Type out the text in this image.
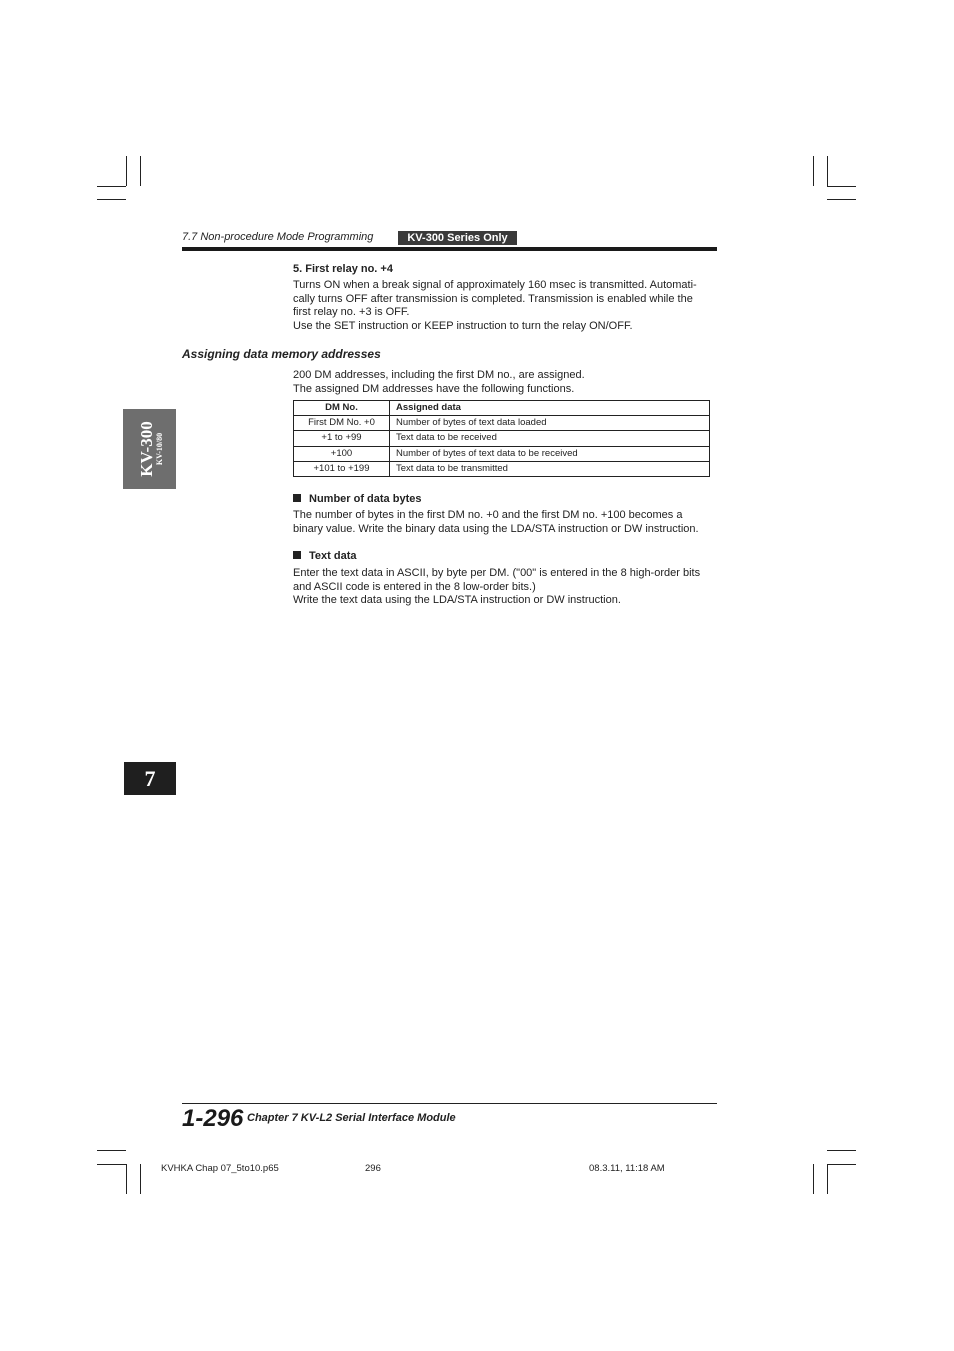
7.7 Non-procedure Mode Programming	KV-300 Series Only
5. First relay no. +4
Turns ON when a break signal of approximately 160 msec is transmitted. Automati-
cally turns OFF after transmission is completed. Transmission is enabled while the
first relay no. +3 is OFF.
Use the SET instruction or KEEP instruction to turn the relay ON/OFF.
Assigning data memory addresses
200 DM addresses, including the first DM no., are assigned.
The assigned DM addresses have the following functions.
DM No.	Assigned data
First DM No. +0	Number of bytes of text data loaded
+1 to +99	Text data to be received
+100	Number of bytes of text data to be received
+101 to +199	Text data to be transmitted
Number of data bytes
The number of bytes in the first DM no. +0 and the first DM no. +100 becomes a
binary value. Write the binary data using the LDA/STA instruction or DW instruction.
Text data
Enter the text data in ASCII, by byte per DM. ("00" is entered in the 8 high-order bits
and ASCII code is entered in the 8 low-order bits.)
Write the text data using the LDA/STA instruction or DW instruction.
KV-300 KV-10/80
7
1-296 Chapter 7 KV-L2 Serial Interface Module
KVHKA Chap 07_5to10.p65	296	08.3.11, 11:18 AM
